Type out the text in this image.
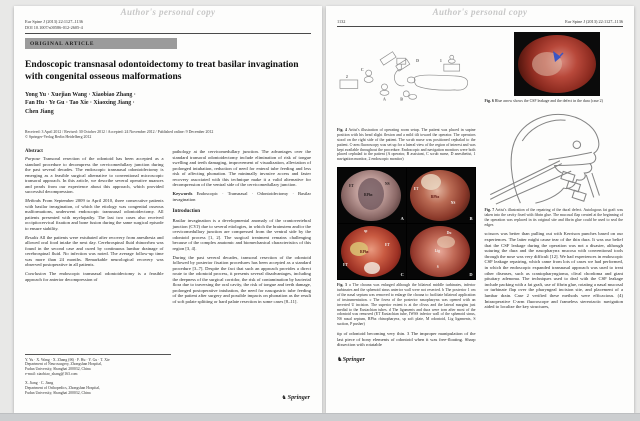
Author's personal copy
Eur Spine J (2013) 22:1127–1136
DOI 10.1007/s00586-012-2605-4
ORIGINAL ARTICLE
Endoscopic transnasal odontoidectomy to treat basilar invagination with congenital osseous malformations
Yong Yu · Xuejian Wang · Xiaobiao Zhang ·
Fan Hu · Ye Gu · Tao Xie · Xiaoxing Jiang ·
Chen Jiang
Received: 3 April 2012 / Revised: 30 October 2012 / Accepted: 24 November 2012 / Published online: 9 December 2012
© Springer-Verlag Berlin Heidelberg 2012
Abstract
Purpose Transoral resection of the odontoid has been accepted as a standard procedure to decompress the cervicomedullary junction during the past several decades. The endoscopic transnasal odontoidectomy is emerging as a feasible surgical alternative to conventional microscopic transoral approach. In this article, we describe several operative nuances and pearls from our experience about this approach, which provided successful decompression.
Methods From September 2009 to April 2010, three consecutive patients with basilar invagination, of which the etiology was congenital osseous malformations, underwent endoscopic transnasal odontoidectomy. All patients presented with myelopathy. The last two cases also received occipitocervical fixation and bone fusion during the same surgical episode to ensure stability.
Results All the patients were extubated after recovery from anesthesia and allowed oral food intake the next day. Cerebrospinal fluid rhinorrhea was found in the second case and cured by continuous lumbar drainage of cerebrospinal fluid. No infection was noted. The average follow-up time was more than 24 months. Remarkable neurological recovery was observed postoperative in all patients.
Conclusion The endoscopic transnasal odontoidectomy is a feasible approach for anterior decompression of
pathology at the cervicomedullary junction. The advantages over the standard transoral odontoidectomy include elimination of risk of tongue swelling and teeth damaging, improvement of visualization, alleviation of prolonged intubation, reduction of need for enteral tube feeding and less risk of affecting phonation. The minimally invasive access and faster recovery associated with this technique make it a valid alternative for decompression of the ventral side of the cervicomedullary junction.
Keywords Endoscopic · Transnasal · Odontoidectomy · Basilar invagination
Introduction
Basilar invagination is a developmental anomaly of the craniovertebral junction (CVJ) due to several etiologies, in which the brainstem and/or the cervicomedullary junction are compressed from the ventral side by the odontoid process [1, 2]. The surgical treatment remains challenging because of the complex anatomic and biomechanical characteristics of this region [3, 4].
During the past several decades, transoral resection of the odontoid followed by posterior fixation procedures has been accepted as a standard procedure [3–7]. Despite the fact that such an approach provides a direct route to the odontoid process, it presents several disadvantages, including the deepness of the surgical corridor, the risk of contamination by bacterial flora due to traversing the oral cavity, the risk of tongue and teeth damage, prolonged postoperative intubation, the need for nasogastric tube feeding of the patient after surgery and possible impacts on phonation as the result of soft palate splitting or hard palate resection in some cases [8–11].
Y. Yu · X. Wang · X. Zhang (✉) · F. Hu · Y. Gu · T. Xie
Department of Neurosurgery, Zhongshan Hospital,
Fudan University, Shanghai 200032, China
e-mail: xiaobiao_zhang@163.com
X. Jiang · C. Jiang
Department of Orthopedics, Zhongshan Hospital,
Fudan University, Shanghai 200032, China
♞Springer
Author's personal copy
1132	Eur Spine J (2013) 22:1127–1136
A B
C
D	1
2
Fig. 4 Artist's illustration of operating room setup. The patient was placed in supine position with his head slight flexion and a mild tilt toward the operator. The operators stood on the right side of the patient. The scrub nurse was positioned cephalad to the patient. C-arm fluoroscopy was set up for a lateral view of the region of interest and was kept available throughout the procedure. Endoscopic and navigation monitors were both placed cephalad to the patient (A operator, B assistant, C scrub nurse, D anesthetist, 1 navigation monitor, 2 endoscopic monitor)
ET
RPhx
NS
A
ET
RPhx
NS
B
sp
ET
RPhx
ET
C
Du
Lig
S
D
Fig. 5 a The choana was enlarged although the bilateral middle turbinates, inferior turbinates and the sphenoid sinus anterior wall were not resected. b The posterior 1 cm of the nasal septum was removed to enlarge the choana to facilitate bilateral application of instrumentation. c The fovea of the posterior nasopharynx was opened with an inverted U incision. The superior extent is at the clivus and the lateral margins just medial to the Eustachian tubes. d The ligaments and dura were torn after most of the odontoid was removed (ET Eustachian tube, IWSS inferior wall of the sphenoid sinus, NS nasal septum, RPhx rhinopharynx, sp soft plate, M odontoid, Lig ligaments, S suction, P pusher)
tip of odontoid becoming very thin. 3 The improper manipulation of the last piece of bony elements of odontoid when it was free-floating. Sharp dissection with rotatable
♞Springer
Fig. 6 Blue arrow shows the CSF leakage and the defect in the dura (case 2)
Fig. 7 Artist's illustration of the repairing of the dural defect. Autologous fat graft was taken into the cavity fixed with fibrin glue. The mucosal flap created at the beginning of the operation was replaced in its original site and fibrin glue could be used to seal the edges
scissors was better than pulling out with Kerrison punches based on our experiences. The latter might cause tear of the thin dura. It was our belief that the CSF leakage during the operation was not a disaster, although suturing the dura and the nasopharynx mucosa with conventional tools through the nose was very difficult [12]. We had experiences in endoscopic CSF leakage repairing, which came from lots of cases we had performed, in which the endoscopic expanded transnasal approach was used to treat other diseases, such as craniopharyngioma, clival chordoma and giant pituitary adenoma. The techniques used to deal with the CSF leakage include packing with a fat graft, use of fibrin glue, rotating a nasal mucosal or turbinate flap over the pharyngeal incision site, and placement of a lumbar drain. Case 2 verified these methods were efficacious. (4) Intraoperative C-arm fluoroscope and frameless stereotactic navigation aided to localize the key structures,
